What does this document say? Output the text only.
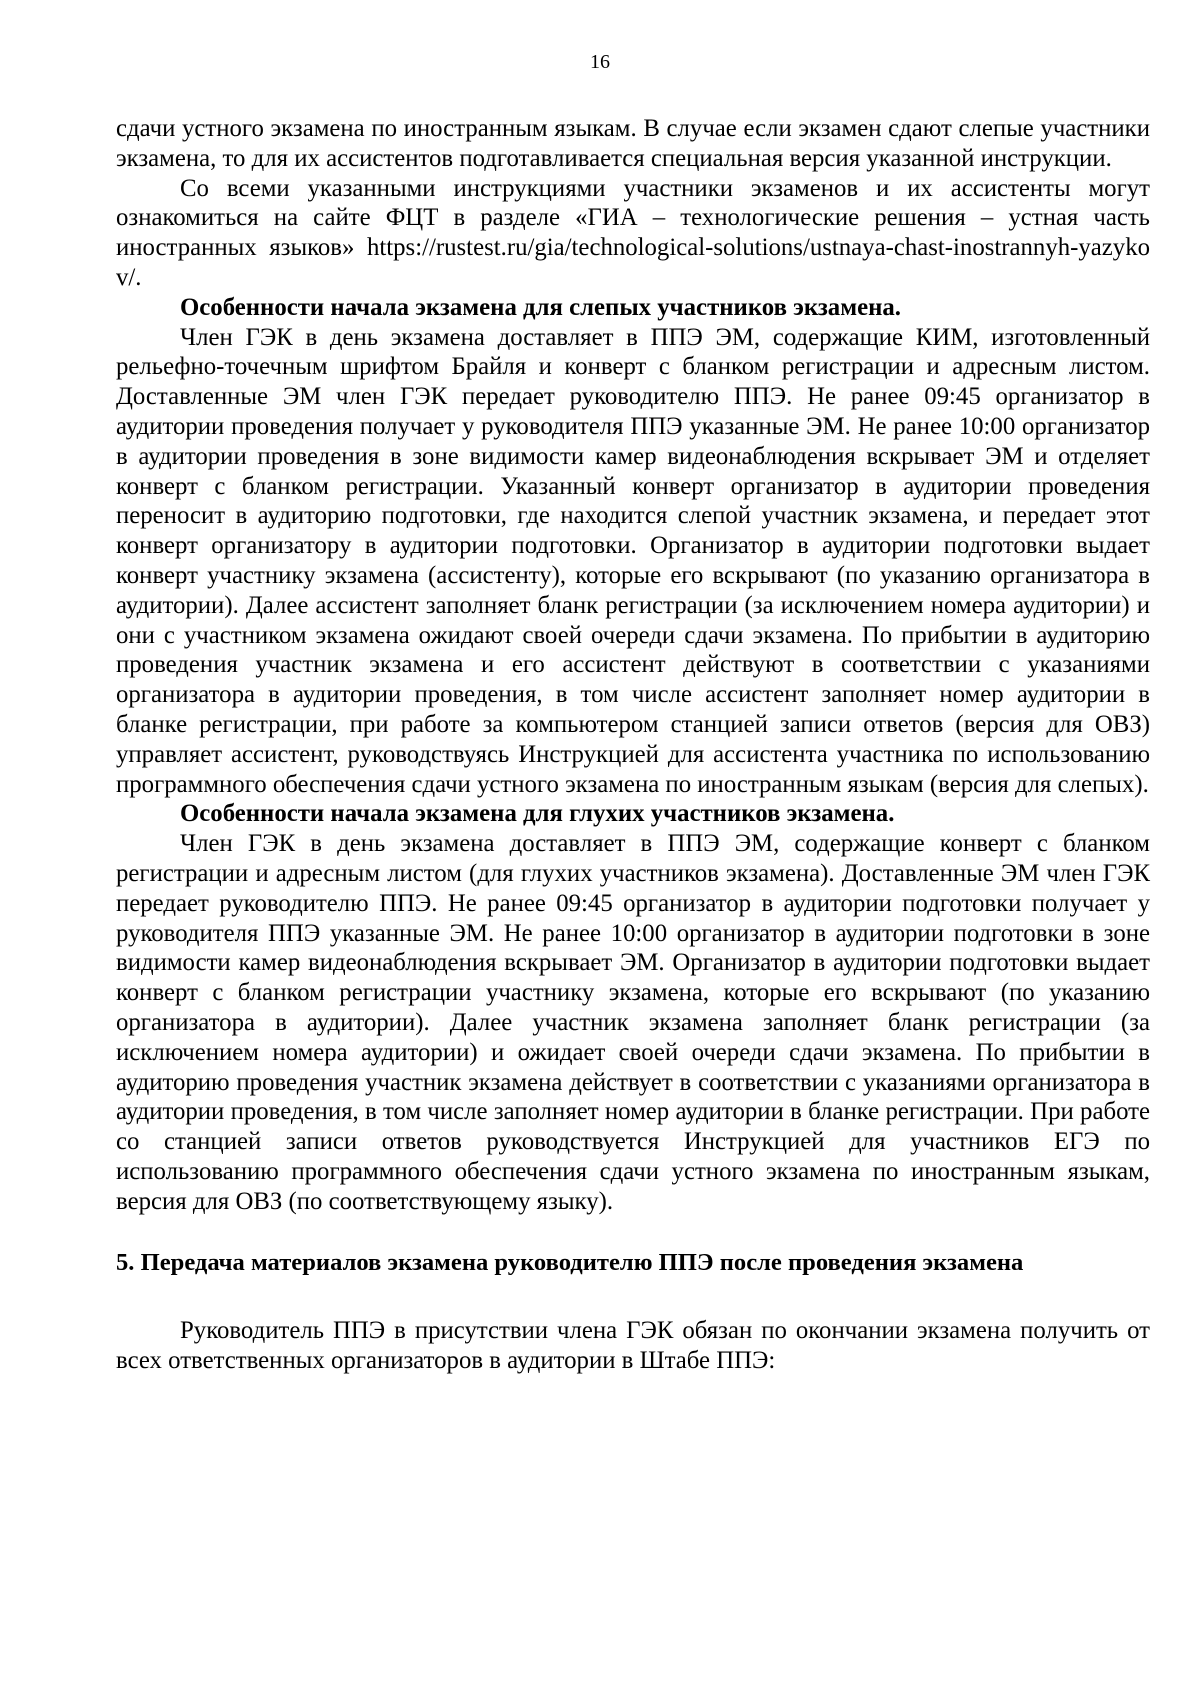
16

сдачи устного экзамена по иностранным языкам. В случае если экзамен сдают слепые участники экзамена, то для их ассистентов подготавливается специальная версия указанной инструкции.

Со всеми указанными инструкциями участники экзаменов и их ассистенты могут ознакомиться на сайте ФЦТ в разделе «ГИА – технологические решения – устная часть иностранных языков» https://rustest.ru/gia/technological-solutions/ustnaya-chast-inostrannyh-yazykov/.

Особенности начала экзамена для слепых участников экзамена.

Член ГЭК в день экзамена доставляет в ППЭ ЭМ, содержащие КИМ, изготовленный рельефно-точечным шрифтом Брайля и конверт с бланком регистрации и адресным листом. Доставленные ЭМ член ГЭК передает руководителю ППЭ. Не ранее 09:45 организатор в аудитории проведения получает у руководителя ППЭ указанные ЭМ. Не ранее 10:00 организатор в аудитории проведения в зоне видимости камер видеонаблюдения вскрывает ЭМ и отделяет конверт с бланком регистрации. Указанный конверт организатор в аудитории проведения переносит в аудиторию подготовки, где находится слепой участник экзамена, и передает этот конверт организатору в аудитории подготовки. Организатор в аудитории подготовки выдает конверт участнику экзамена (ассистенту), которые его вскрывают (по указанию организатора в аудитории). Далее ассистент заполняет бланк регистрации (за исключением номера аудитории) и они с участником экзамена ожидают своей очереди сдачи экзамена. По прибытии в аудиторию проведения участник экзамена и его ассистент действуют в соответствии с указаниями организатора в аудитории проведения, в том числе ассистент заполняет номер аудитории в бланке регистрации, при работе за компьютером станцией записи ответов (версия для ОВЗ) управляет ассистент, руководствуясь Инструкцией для ассистента участника по использованию программного обеспечения сдачи устного экзамена по иностранным языкам (версия для слепых).

Особенности начала экзамена для глухих участников экзамена.

Член ГЭК в день экзамена доставляет в ППЭ ЭМ, содержащие конверт с бланком регистрации и адресным листом (для глухих участников экзамена). Доставленные ЭМ член ГЭК передает руководителю ППЭ. Не ранее 09:45 организатор в аудитории подготовки получает у руководителя ППЭ указанные ЭМ. Не ранее 10:00 организатор в аудитории подготовки в зоне видимости камер видеонаблюдения вскрывает ЭМ. Организатор в аудитории подготовки выдает конверт с бланком регистрации участнику экзамена, которые его вскрывают (по указанию организатора в аудитории). Далее участник экзамена заполняет бланк регистрации (за исключением номера аудитории) и ожидает своей очереди сдачи экзамена. По прибытии в аудиторию проведения участник экзамена действует в соответствии с указаниями организатора в аудитории проведения, в том числе заполняет номер аудитории в бланке регистрации. При работе со станцией записи ответов руководствуется Инструкцией для участников ЕГЭ по использованию программного обеспечения сдачи устного экзамена по иностранным языкам, версия для ОВЗ (по соответствующему языку).

5. Передача материалов экзамена руководителю ППЭ после проведения экзамена

Руководитель ППЭ в присутствии члена ГЭК обязан по окончании экзамена получить от всех ответственных организаторов в аудитории в Штабе ППЭ:
